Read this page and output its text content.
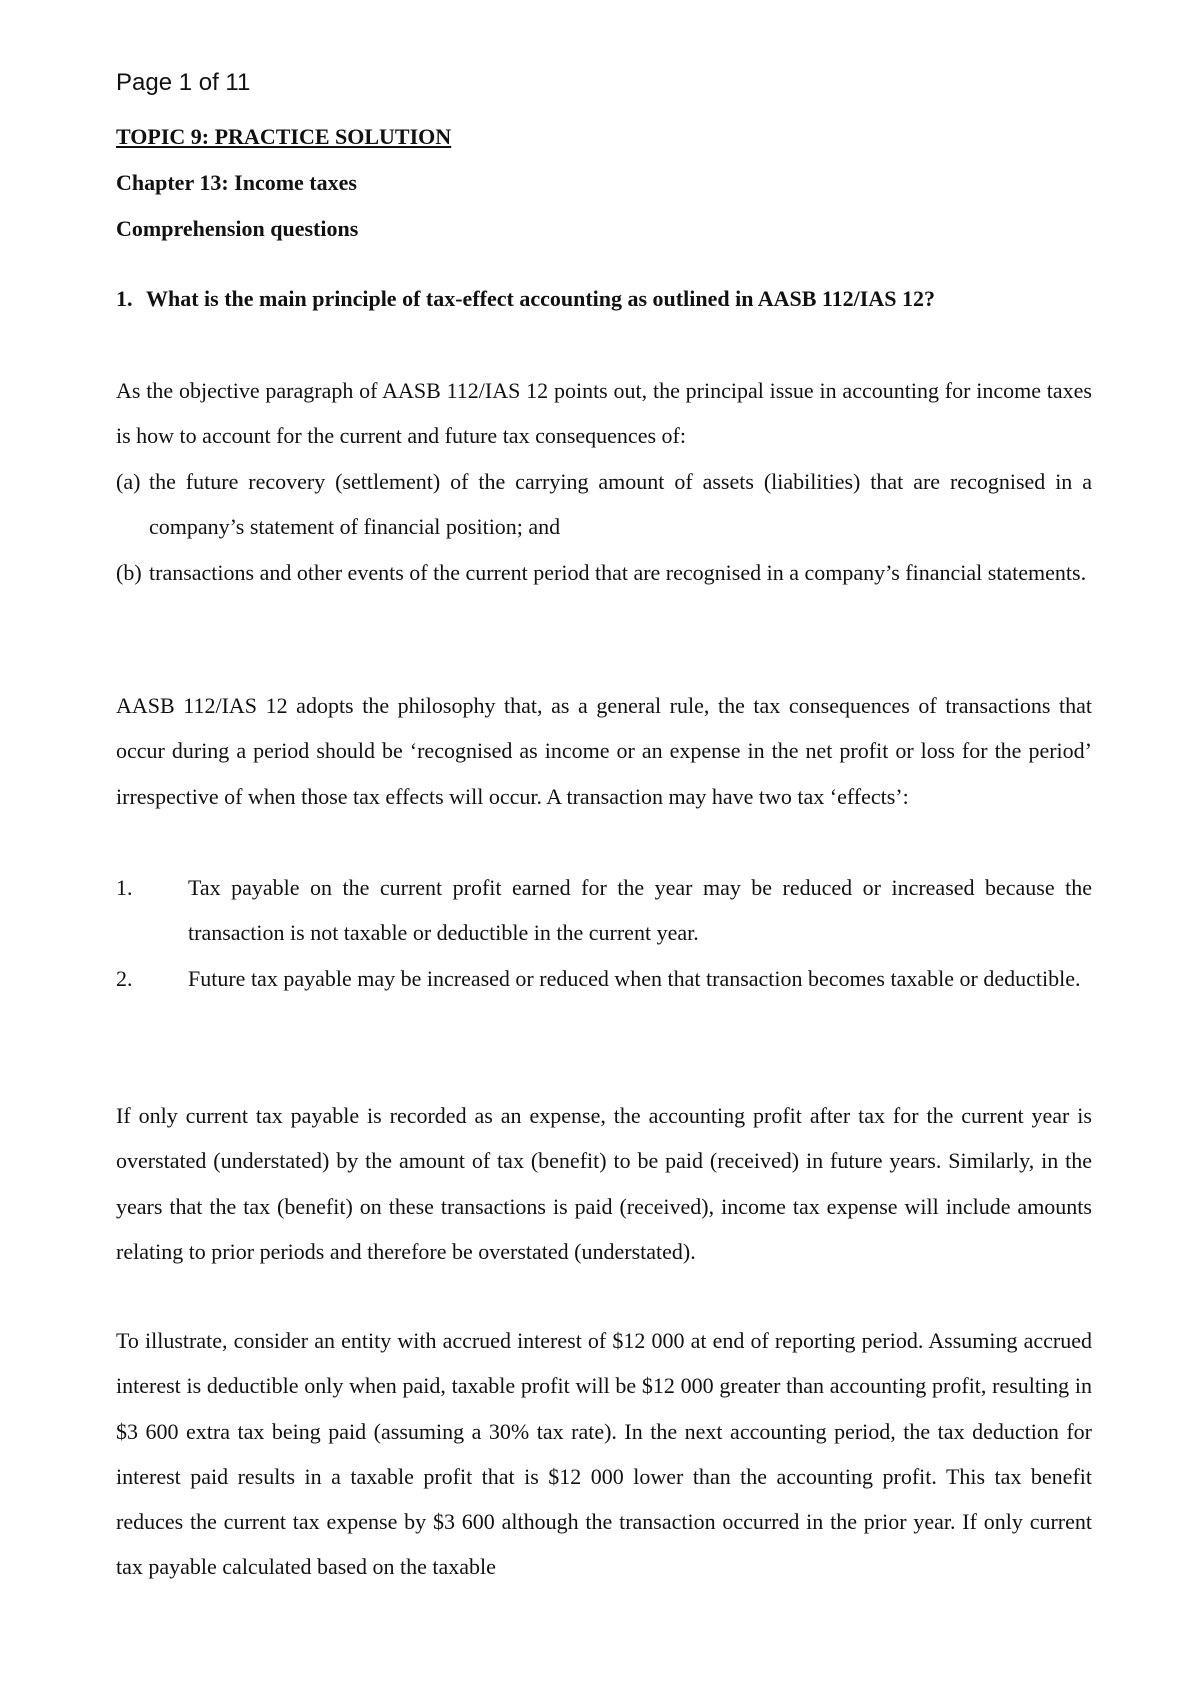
Page 1 of 11

TOPIC 9: PRACTICE SOLUTION

Chapter 13: Income taxes

Comprehension questions

1. What is the main principle of tax-effect accounting as outlined in AASB 112/IAS 12?

As the objective paragraph of AASB 112/IAS 12 points out, the principal issue in accounting for income taxes is how to account for the current and future tax consequences of:

(a) the future recovery (settlement) of the carrying amount of assets (liabilities) that are recognised in a company’s statement of financial position; and
(b) transactions and other events of the current period that are recognised in a company’s financial statements.

AASB 112/IAS 12 adopts the philosophy that, as a general rule, the tax consequences of transactions that occur during a period should be ‘recognised as income or an expense in the net profit or loss for the period’ irrespective of when those tax effects will occur. A transaction may have two tax ‘effects’:

1.	Tax payable on the current profit earned for the year may be reduced or increased because the transaction is not taxable or deductible in the current year.
2.	Future tax payable may be increased or reduced when that transaction becomes taxable or deductible.

If only current tax payable is recorded as an expense, the accounting profit after tax for the current year is overstated (understated) by the amount of tax (benefit) to be paid (received) in future years. Similarly, in the years that the tax (benefit) on these transactions is paid (received), income tax expense will include amounts relating to prior periods and therefore be overstated (understated).

To illustrate, consider an entity with accrued interest of $12 000 at end of reporting period. Assuming accrued interest is deductible only when paid, taxable profit will be $12 000 greater than accounting profit, resulting in $3 600 extra tax being paid (assuming a 30% tax rate). In the next accounting period, the tax deduction for interest paid results in a taxable profit that is $12 000 lower than the accounting profit. This tax benefit reduces the current tax expense by $3 600 although the transaction occurred in the prior year. If only current tax payable calculated based on the taxable
